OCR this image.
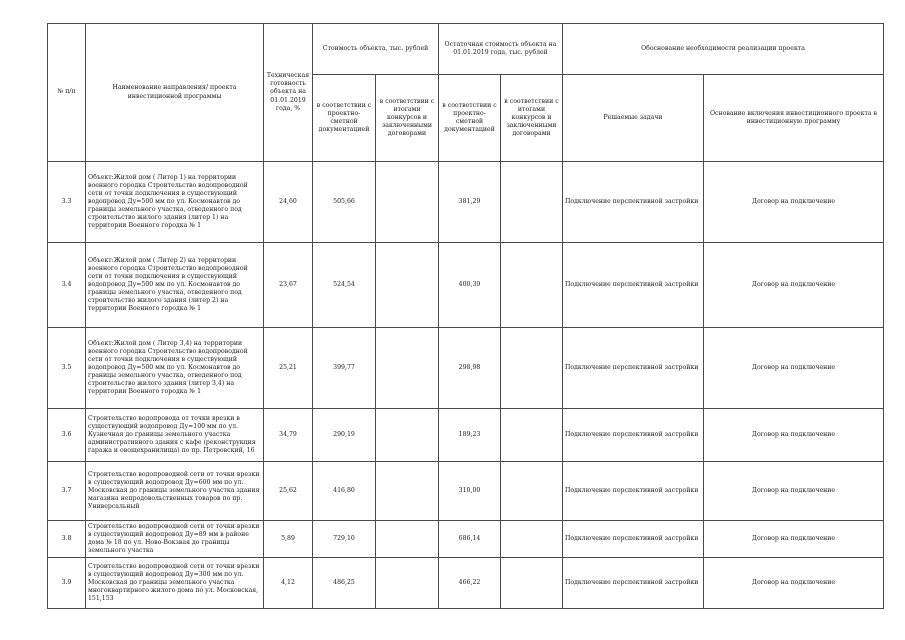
№ п/п	Наименование направления/ проекта инвестиционной программы	Техническая готовность объекта на 01.01.2019 года, %	Стоимость объекта, тыс. рублей		Остаточная стоимость объекта на 01.01.2019 года, тыс. рублей		Обоснование необходимости реализации проекта	
			в соответствии с проектно-сметной документацией	в соответствии с итогами конкурсов и заключенными договорами	в соответствии с проектно-сметной документацией	в соответствии с итогами конкурсов и заключенными договорами	Решаемые задачи	Основание включения инвестиционного проекта в инвестиционную программу
3.3	Объект:Жилой дом ( Литер 1) на территории военного городка Строительство водопроводной сети от точки подключения в существующий водопровод Ду=500 мм по ул. Космонавтов до границы земельного участка, отведенного под строительство жилого здания (литер 1) на территории Военного городка № 1	24,60	505,66		381,29		Подключение перспективной застройки	Договор на подключение
3.4	Объект:Жилой дом ( Литер 2) на территории военного городка Строительство водопроводной сети от точки подключения в существующий водопровод Ду=500 мм по ул. Космонавтов до границы земельного участка, отведенного под строительство жилого здания (литер 2) на территории Военного городка № 1	23,67	524,54		400,39		Подключение перспективной застройки	Договор на подключение
3.5	Объект:Жилой дом ( Литер 3,4) на территории военного городка Строительство водопроводной сети от точки подключения в существующий водопровод Ду=500 мм по ул. Космонавтов до границы земельного участка, отведенного под строительство жилого здания (литер 3,4) на территории Военного городка № 1	25,21	399,77		298,98		Подключение перспективной застройки	Договор на подключение
3.6	Строительство водопровода от точки врезки в существующий водопровод Ду=100 мм по ул. Кузнечная до границы земельного участка административного здания с кафе (реконструкция гаража и овощехранилища) по пр. Петровский, 16	34,79	290,19		189,23		Подключение перспективной застройки	Договор на подключение
3.7	Строительство водопроводной сети от точки врезки в существующий водопровод Ду=600 мм по ул. Московская до границы земельного участка здания магазина непродовольственных товаров по пр. Универсальный	25,62	416,80		310,00		Подключение перспективной застройки	Договор на подключение
3.8	Строительство водопроводной сети от точки врезки в существующий водопровод Ду=89 мм в районе дома № 18 по ул. Ново-Вокзвая до границы земельного участка	5,89	729,10		686,14		Подключение перспективной застройки	Договор на подключение
3.9	Строительство водопроводной сети от точки врезки в существующий водопровод Ду=300 мм по ул. Московская до границы земельного участка многоквартирного жилого дома по ул. Московская, 151,153	4,12	486,25		466,22		Подключение перспективной застройки	Договор на подключение
